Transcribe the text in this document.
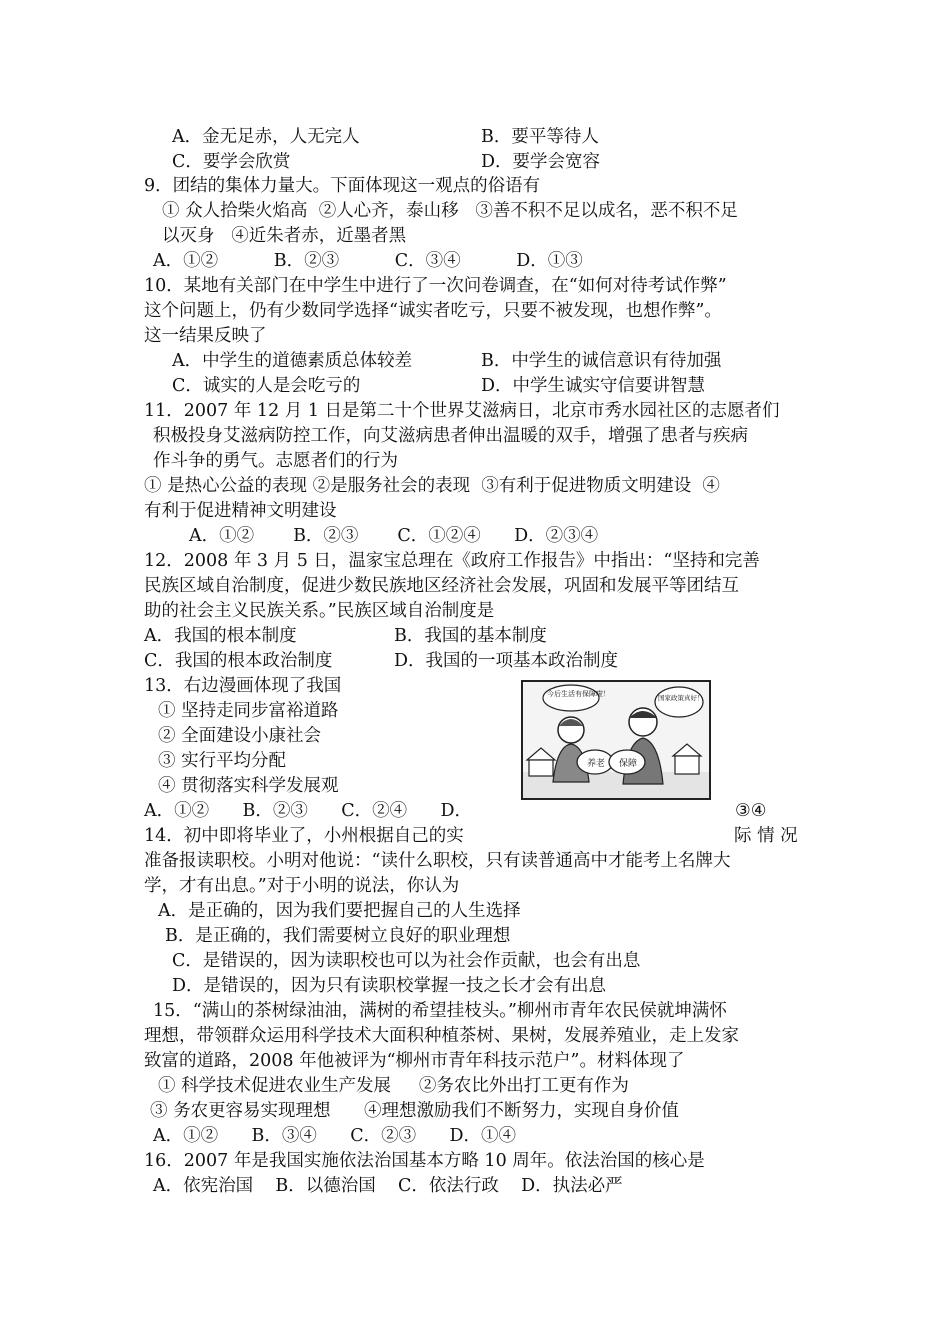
A．金无足赤，人无完人	B．要平等待人
C．要学会欣赏	D．要学会宽容
9．团结的集体力量大。下面体现这一观点的俗语有
① 众人拾柴火焰高  ②人心齐，泰山移   ③善不积不足以成名，恶不积不足
以灭身   ④近朱者赤，近墨者黑
A．①②          B．②③          C．③④          D．①③
10．某地有关部门在中学生中进行了一次问卷调查，在“如何对待考试作弊”
这个问题上，仍有少数同学选择“诚实者吃亏，只要不被发现，也想作弊”。
这一结果反映了
A．中学生的道德素质总体较差	B．中学生的诚信意识有待加强
C．诚实的人是会吃亏的	D．中学生诚实守信要讲智慧
11．2007 年 12 月 1 日是第二十个世界艾滋病日，北京市秀水园社区的志愿者们
积极投身艾滋病防控工作，向艾滋病患者伸出温暖的双手，增强了患者与疾病
作斗争的勇气。志愿者们的行为
① 是热心公益的表现 ②是服务社会的表现  ③有利于促进物质文明建设  ④
有利于促进精神文明建设
A．①②       B．②③       C．①②④      D．②③④
12．2008 年 3 月 5 日，温家宝总理在《政府工作报告》中指出：“坚持和完善
民族区域自治制度，促进少数民族地区经济社会发展，巩固和发展平等团结互
助的社会主义民族关系。”民族区域自治制度是
A．我国的根本制度	B．我国的基本制度
C．我国的根本政治制度	D．我国的一项基本政治制度
13．右边漫画体现了我国
① 坚持走同步富裕道路
② 全面建设小康社会
③ 实行平均分配
④ 贯彻落实科学发展观
A．①②      B．②③      C．②④      D．	③④
今后生活有保障啦！	国家政策真好！
养老 保障
14．初中即将毕业了，小州根据自己的实	际 情 况
准备报读职校。小明对他说：“读什么职校，只有读普通高中才能考上名牌大
学，才有出息。”对于小明的说法，你认为
A．是正确的，因为我们要把握自己的人生选择
B．是正确的，我们需要树立良好的职业理想
C．是错误的，因为读职校也可以为社会作贡献，也会有出息
D．是错误的，因为只有读职校掌握一技之长才会有出息
15．“满山的茶树绿油油，满树的希望挂枝头。”柳州市青年农民侯就坤满怀
理想，带领群众运用科学技术大面积种植茶树、果树，发展养殖业，走上发家
致富的道路，2008 年他被评为“柳州市青年科技示范户”。材料体现了
① 科学技术促进农业生产发展     ②务农比外出打工更有作为
③ 务农更容易实现理想      ④理想激励我们不断努力，实现自身价值
A．①②      B．③④      C．②③      D．①④
16．2007 年是我国实施依法治国基本方略 10 周年。依法治国的核心是
A．依宪治国    B．以德治国    C．依法行政    D．执法必严
